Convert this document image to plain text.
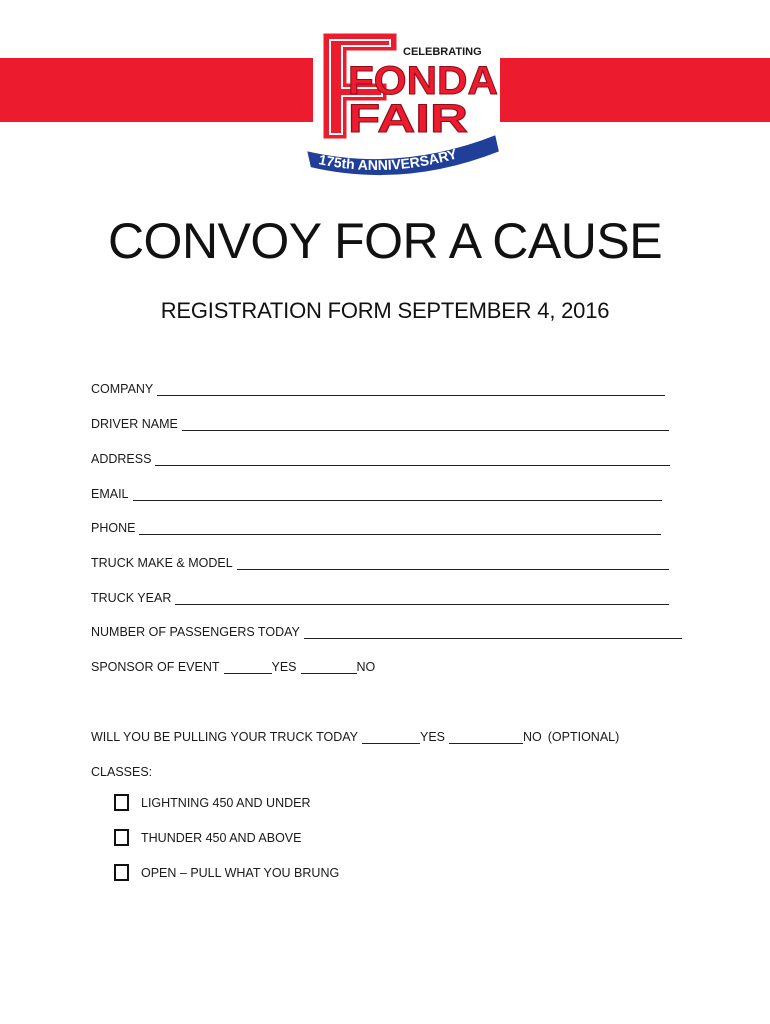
CELEBRATING
FONDA
FAIR
175th ANNIVERSARY
CONVOY FOR A CAUSE
REGISTRATION FORM SEPTEMBER 4, 2016
COMPANY
DRIVER NAME
ADDRESS
EMAIL
PHONE
TRUCK MAKE & MODEL
TRUCK YEAR
NUMBER OF PASSENGERS TODAY
SPONSOR OF EVENT	YES	NO
WILL YOU BE PULLING YOUR TRUCK TODAY	YES	NO (OPTIONAL)
CLASSES:
LIGHTNING 450 AND UNDER
THUNDER 450 AND ABOVE
OPEN – PULL WHAT YOU BRUNG
